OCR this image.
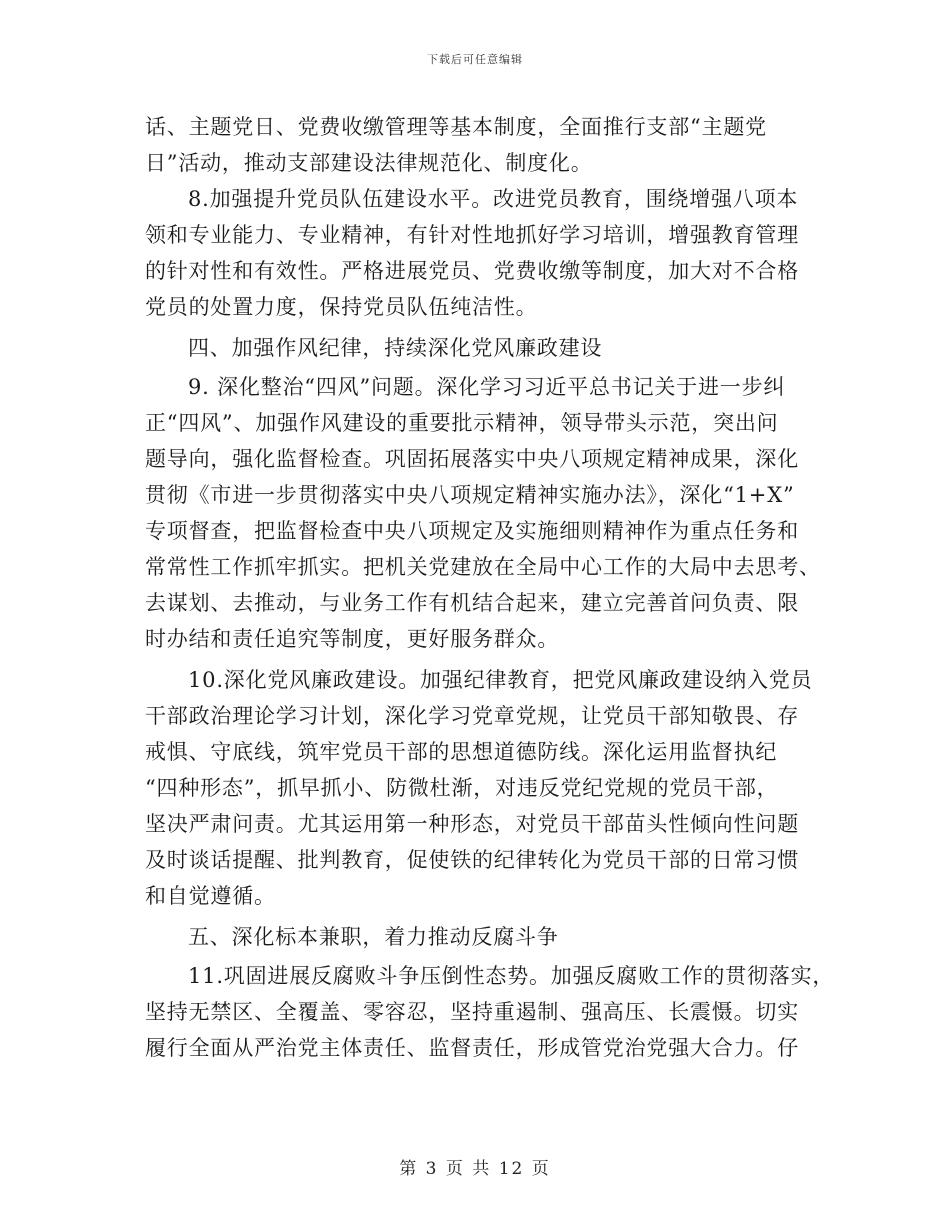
下载后可任意编辑
话、主题党日、党费收缴管理等基本制度，全面推行支部“主题党
日”活动，推动支部建设法律规范化、制度化。
8.加强提升党员队伍建设水平。改进党员教育，围绕增强八项本
领和专业能力、专业精神，有针对性地抓好学习培训，增强教育管理
的针对性和有效性。严格进展党员、党费收缴等制度，加大对不合格
党员的处置力度，保持党员队伍纯洁性。
四、加强作风纪律，持续深化党风廉政建设
9. 深化整治“四风”问题。深化学习习近平总书记关于进一步纠
正“四风”、加强作风建设的重要批示精神，领导带头示范，突出问
题导向，强化监督检查。巩固拓展落实中央八项规定精神成果，深化
贯彻《市进一步贯彻落实中央八项规定精神实施办法》，深化“1+X”
专项督查，把监督检查中央八项规定及实施细则精神作为重点任务和
常常性工作抓牢抓实。把机关党建放在全局中心工作的大局中去思考、
去谋划、去推动，与业务工作有机结合起来，建立完善首问负责、限
时办结和责任追究等制度，更好服务群众。
10.深化党风廉政建设。加强纪律教育，把党风廉政建设纳入党员
干部政治理论学习计划，深化学习党章党规，让党员干部知敬畏、存
戒惧、守底线，筑牢党员干部的思想道德防线。深化运用监督执纪
“四种形态”，抓早抓小、防微杜渐，对违反党纪党规的党员干部，
坚决严肃问责。尤其运用第一种形态，对党员干部苗头性倾向性问题
及时谈话提醒、批判教育，促使铁的纪律转化为党员干部的日常习惯
和自觉遵循。
五、深化标本兼职，着力推动反腐斗争
11.巩固进展反腐败斗争压倒性态势。加强反腐败工作的贯彻落实，
坚持无禁区、全覆盖、零容忍，坚持重遏制、强高压、长震慑。切实
履行全面从严治党主体责任、监督责任，形成管党治党强大合力。仔
第 3 页 共 12 页
